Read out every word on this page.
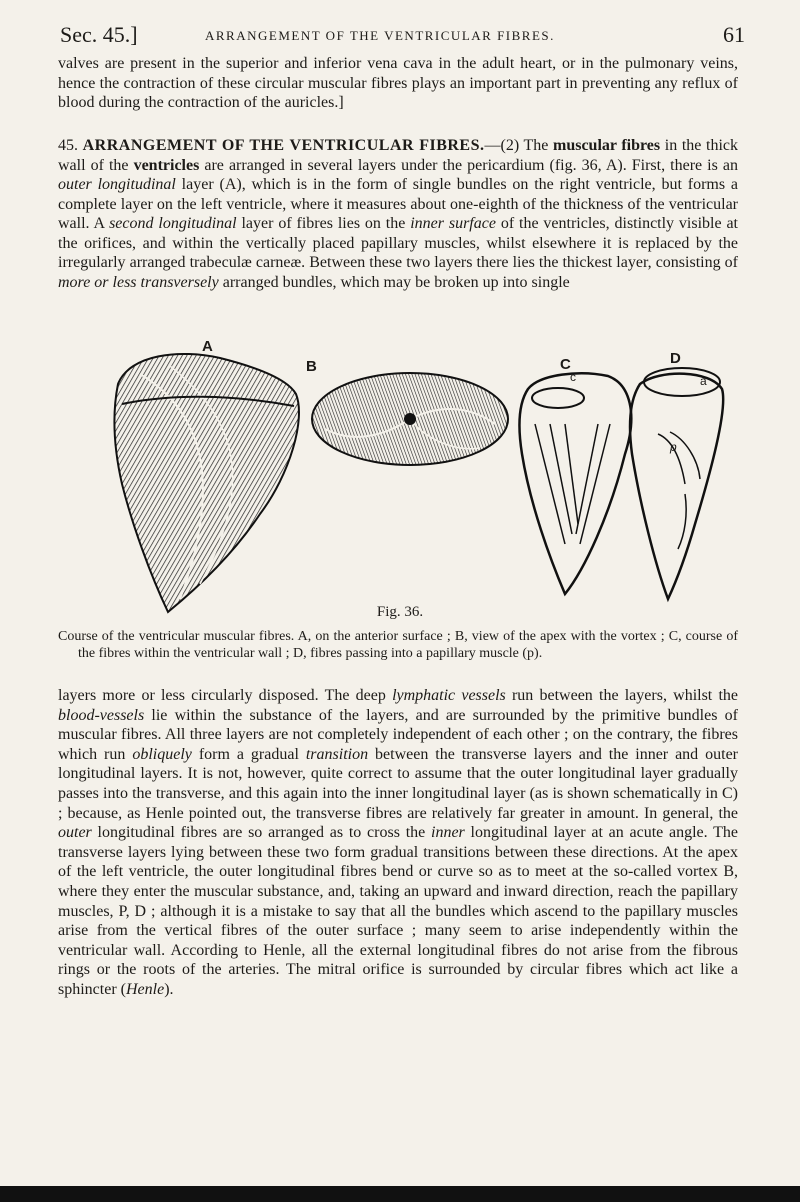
Sec. 45.]	ARRANGEMENT OF THE VENTRICULAR FIBRES.	61

valves are present in the superior and inferior vena cava in the adult heart, or in the pulmonary veins, hence the contraction of these circular muscular fibres plays an important part in preventing any reflux of blood during the contraction of the auricles.]

45. ARRANGEMENT OF THE VENTRICULAR FIBRES.—(2) The muscular fibres in the thick wall of the ventricles are arranged in several layers under the pericardium (fig. 36, A). First, there is an outer longitudinal layer (A), which is in the form of single bundles on the right ventricle, but forms a complete layer on the left ventricle, where it measures about one-eighth of the thickness of the ventricular wall. A second longitudinal layer of fibres lies on the inner surface of the ventricles, distinctly visible at the orifices, and within the vertically placed papillary muscles, whilst elsewhere it is replaced by the irregularly arranged trabeculæ carneæ. Between these two layers there lies the thickest layer, consisting of more or less transversely arranged bundles, which may be broken up into single

A
B	C
c
D
a
p
Fig. 36.

Course of the ventricular muscular fibres. A, on the anterior surface ; B, view of the apex with the vortex ; C, course of the fibres within the ventricular wall ; D, fibres passing into a papillary muscle (p).

layers more or less circularly disposed. The deep lymphatic vessels run between the layers, whilst the blood-vessels lie within the substance of the layers, and are surrounded by the primitive bundles of muscular fibres. All three layers are not completely independent of each other ; on the contrary, the fibres which run obliquely form a gradual transition between the transverse layers and the inner and outer longitudinal layers. It is not, however, quite correct to assume that the outer longitudinal layer gradually passes into the transverse, and this again into the inner longitudinal layer (as is shown schematically in C) ; because, as Henle pointed out, the transverse fibres are relatively far greater in amount. In general, the outer longitudinal fibres are so arranged as to cross the inner longitudinal layer at an acute angle. The transverse layers lying between these two form gradual transitions between these directions. At the apex of the left ventricle, the outer longitudinal fibres bend or curve so as to meet at the so-called vortex B, where they enter the muscular substance, and, taking an upward and inward direction, reach the papillary muscles, P, D ; although it is a mistake to say that all the bundles which ascend to the papillary muscles arise from the vertical fibres of the outer surface ; many seem to arise independently within the ventricular wall. According to Henle, all the external longitudinal fibres do not arise from the fibrous rings or the roots of the arteries. The mitral orifice is surrounded by circular fibres which act like a sphincter (Henle).
